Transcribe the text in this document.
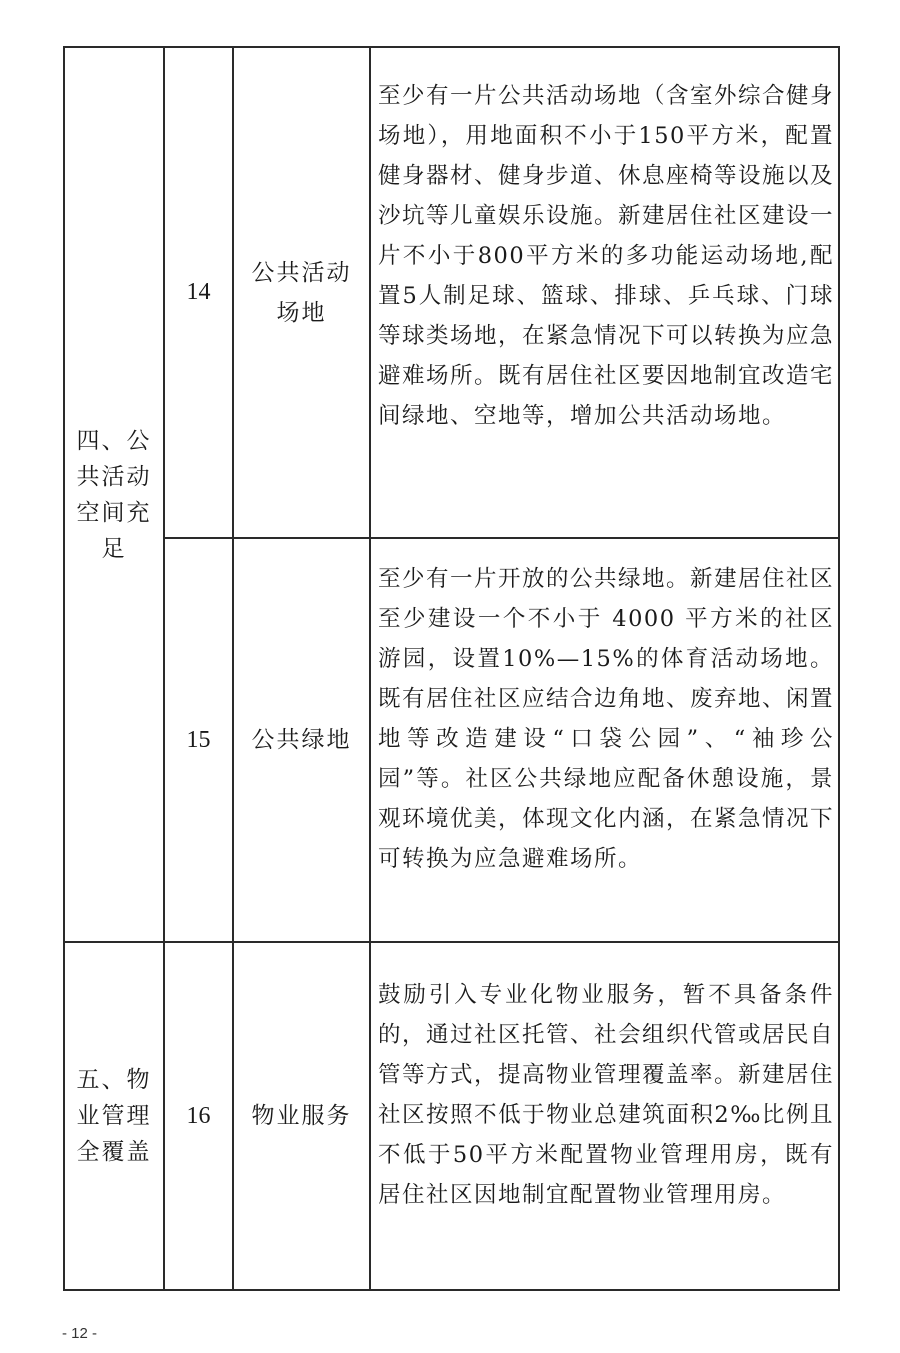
四、公
共活动
空间充
足	14	公共活动
场地	至少有一片公共活动场地（含室外综合健身场地），用地面积不小于150平方米，配置健身器材、健身步道、休息座椅等设施以及沙坑等儿童娱乐设施。新建居住社区建设一片不小于800平方米的多功能运动场地,配置5人制足球、篮球、排球、乒乓球、门球等球类场地，在紧急情况下可以转换为应急避难场所。既有居住社区要因地制宜改造宅间绿地、空地等，增加公共活动场地。
	15	公共绿地	至少有一片开放的公共绿地。新建居住社区至少建设一个不小于 4000 平方米的社区游园，设置10%—15%的体育活动场地。既有居住社区应结合边角地、废弃地、闲置地等改造建设“口袋公园”、“袖珍公园”等。社区公共绿地应配备休憩设施，景观环境优美，体现文化内涵，在紧急情况下可转换为应急避难场所。

五、物
业管理
全覆盖	16	物业服务	鼓励引入专业化物业服务，暂不具备条件的，通过社区托管、社会组织代管或居民自管等方式，提高物业管理覆盖率。新建居住社区按照不低于物业总建筑面积2‰比例且不低于50平方米配置物业管理用房，既有居住社区因地制宜配置物业管理用房。
- 12 -
